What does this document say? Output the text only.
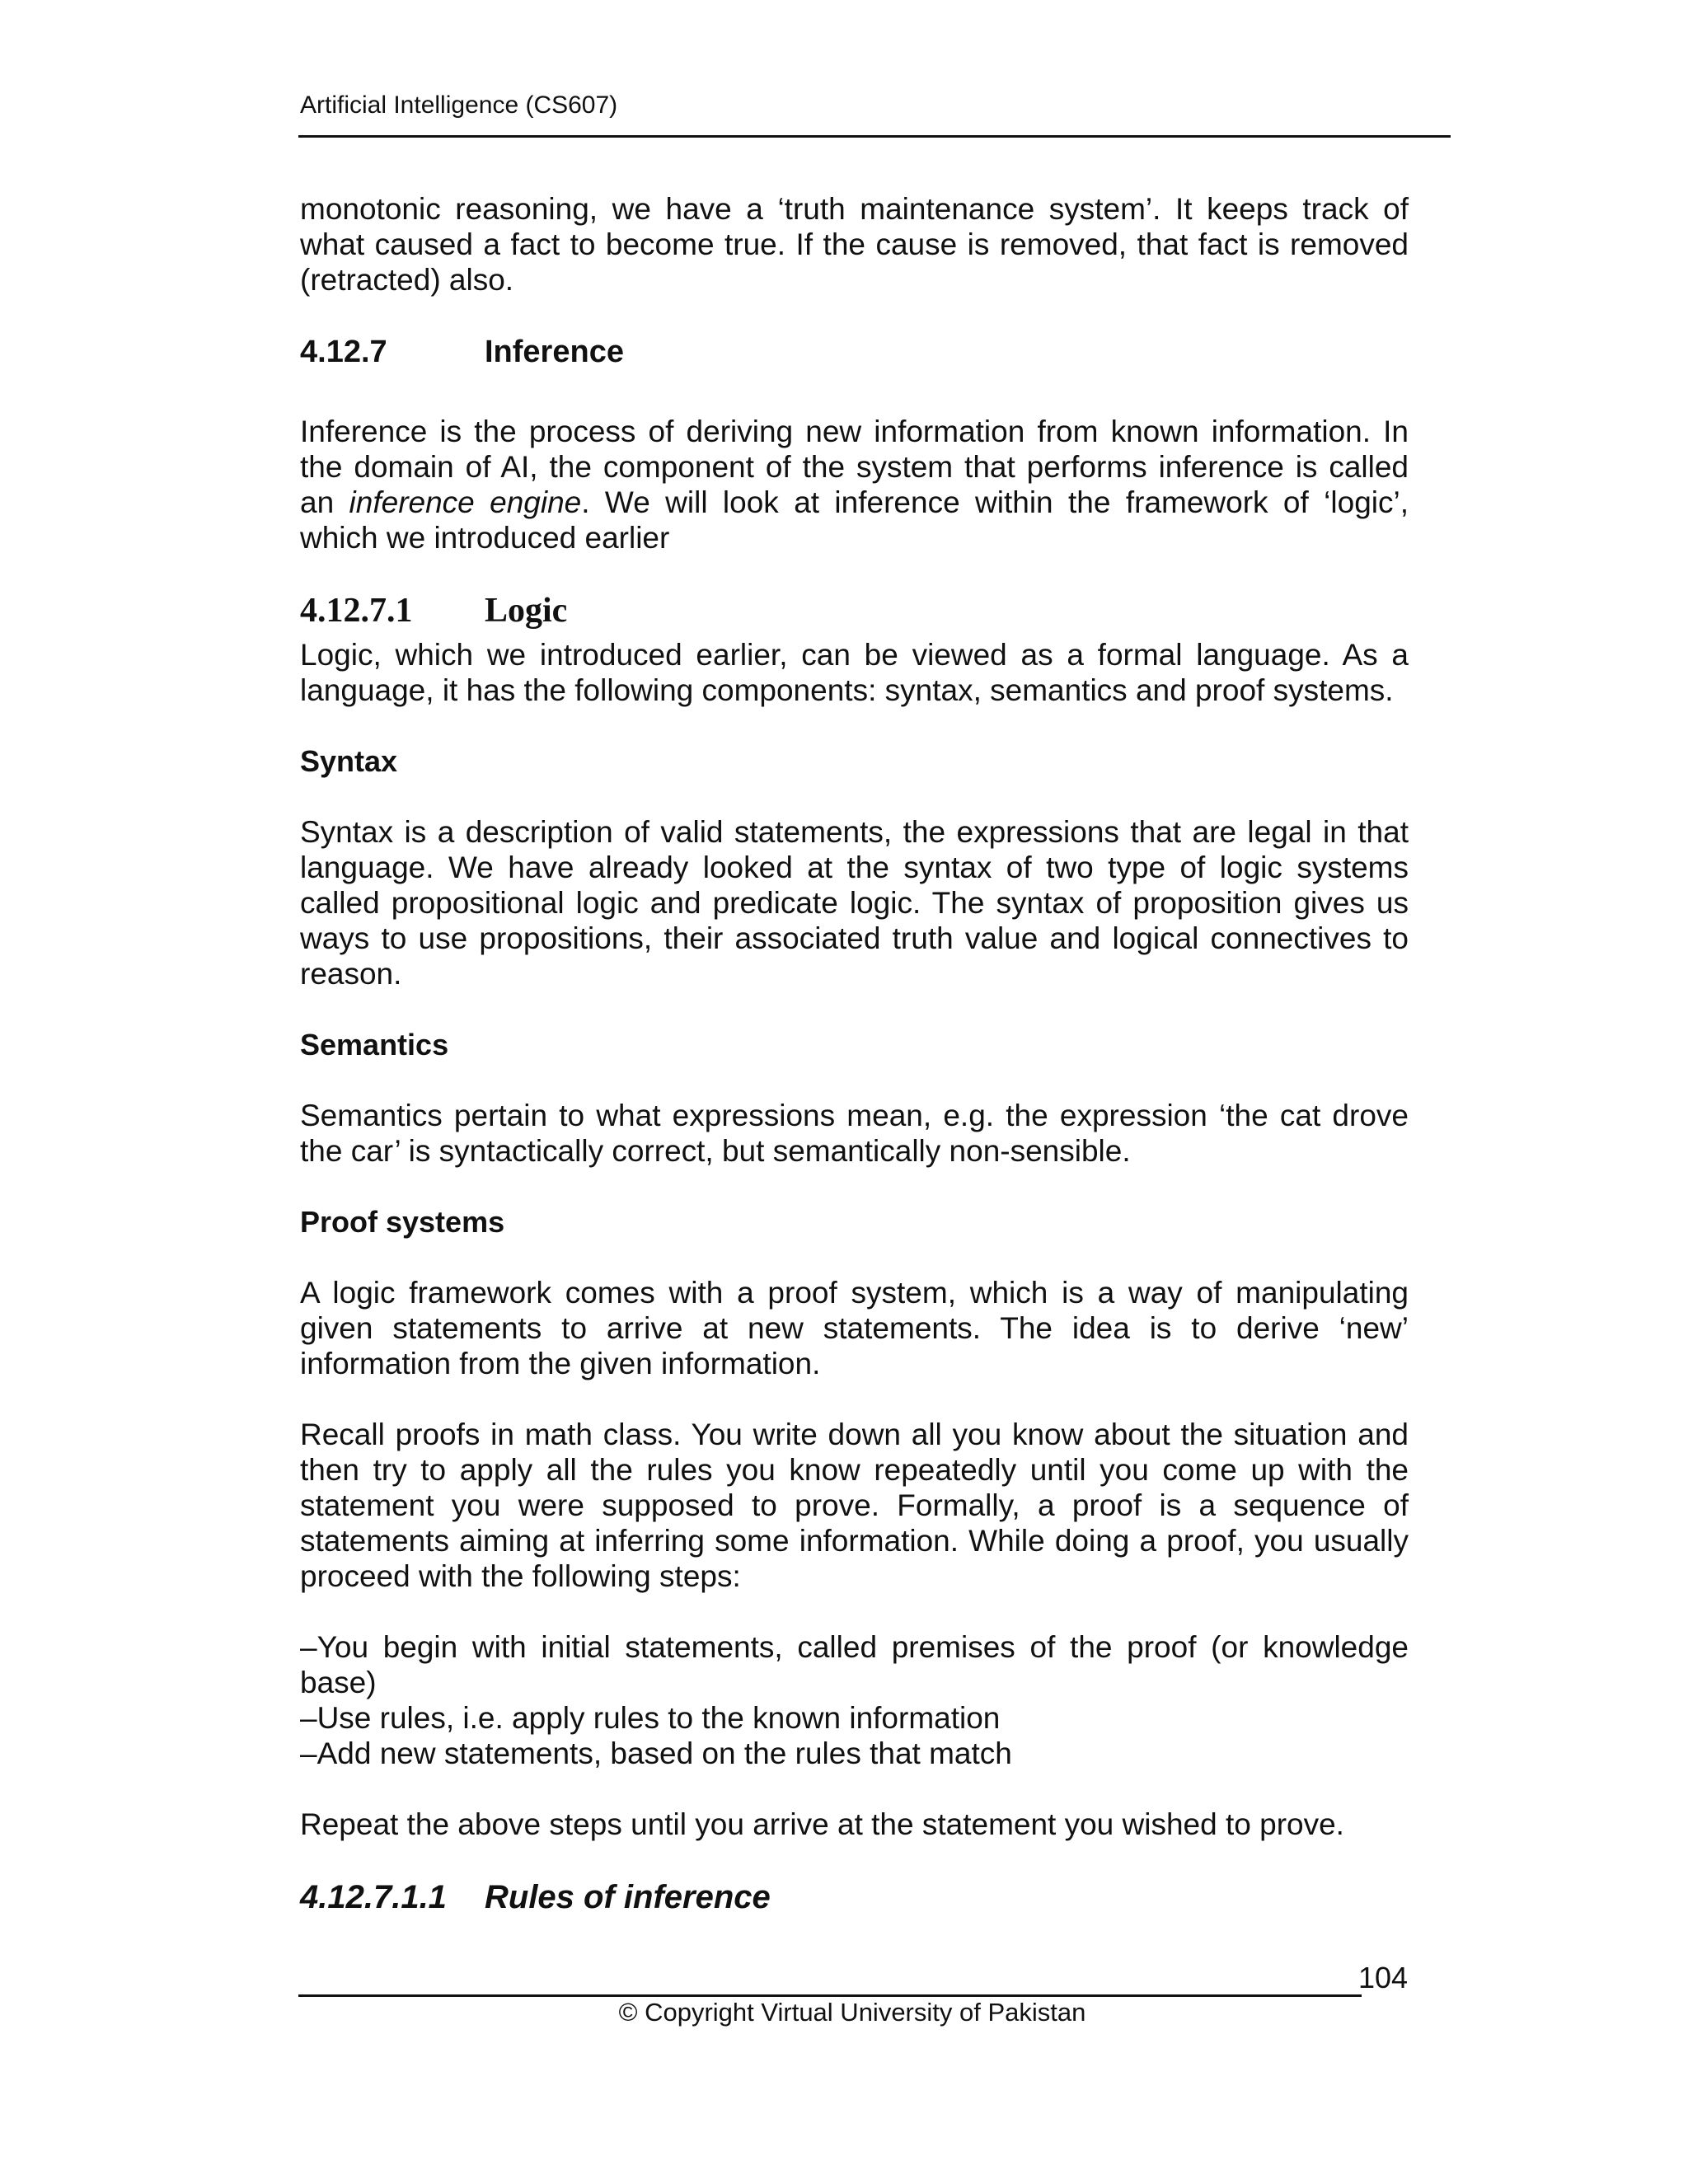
Artificial Intelligence (CS607)

monotonic reasoning, we have a ‘truth maintenance system’. It keeps track of what caused a fact to become true. If the cause is removed, that fact is removed (retracted) also.

4.12.7	Inference

Inference is the process of deriving new information from known information. In the domain of AI, the component of the system that performs inference is called an inference engine. We will look at inference within the framework of ‘logic’, which we introduced earlier

4.12.7.1	Logic

Logic, which we introduced earlier, can be viewed as a formal language. As a language, it has the following components: syntax, semantics and proof systems.

Syntax

Syntax is a description of valid statements, the expressions that are legal in that language. We have already looked at the syntax of two type of logic systems called propositional logic and predicate logic. The syntax of proposition gives us ways to use propositions, their associated truth value and logical connectives to reason.

Semantics

Semantics pertain to what expressions mean, e.g. the expression ‘the cat drove the car’ is syntactically correct, but semantically non-sensible.

Proof systems

A logic framework comes with a proof system, which is a way of manipulating given statements to arrive at new statements. The idea is to derive ‘new’ information from the given information.

Recall proofs in math class. You write down all you know about the situation and then try to apply all the rules you know repeatedly until you come up with the statement you were supposed to prove. Formally, a proof is a sequence of statements aiming at inferring some information. While doing a proof, you usually proceed with the following steps:

–You begin with initial statements, called premises of the proof (or knowledge base)

–Use rules, i.e. apply rules to the known information

–Add new statements, based on the rules that match

Repeat the above steps until you arrive at the statement you wished to prove.

4.12.7.1.1	Rules of inference
104
© Copyright Virtual University of Pakistan
